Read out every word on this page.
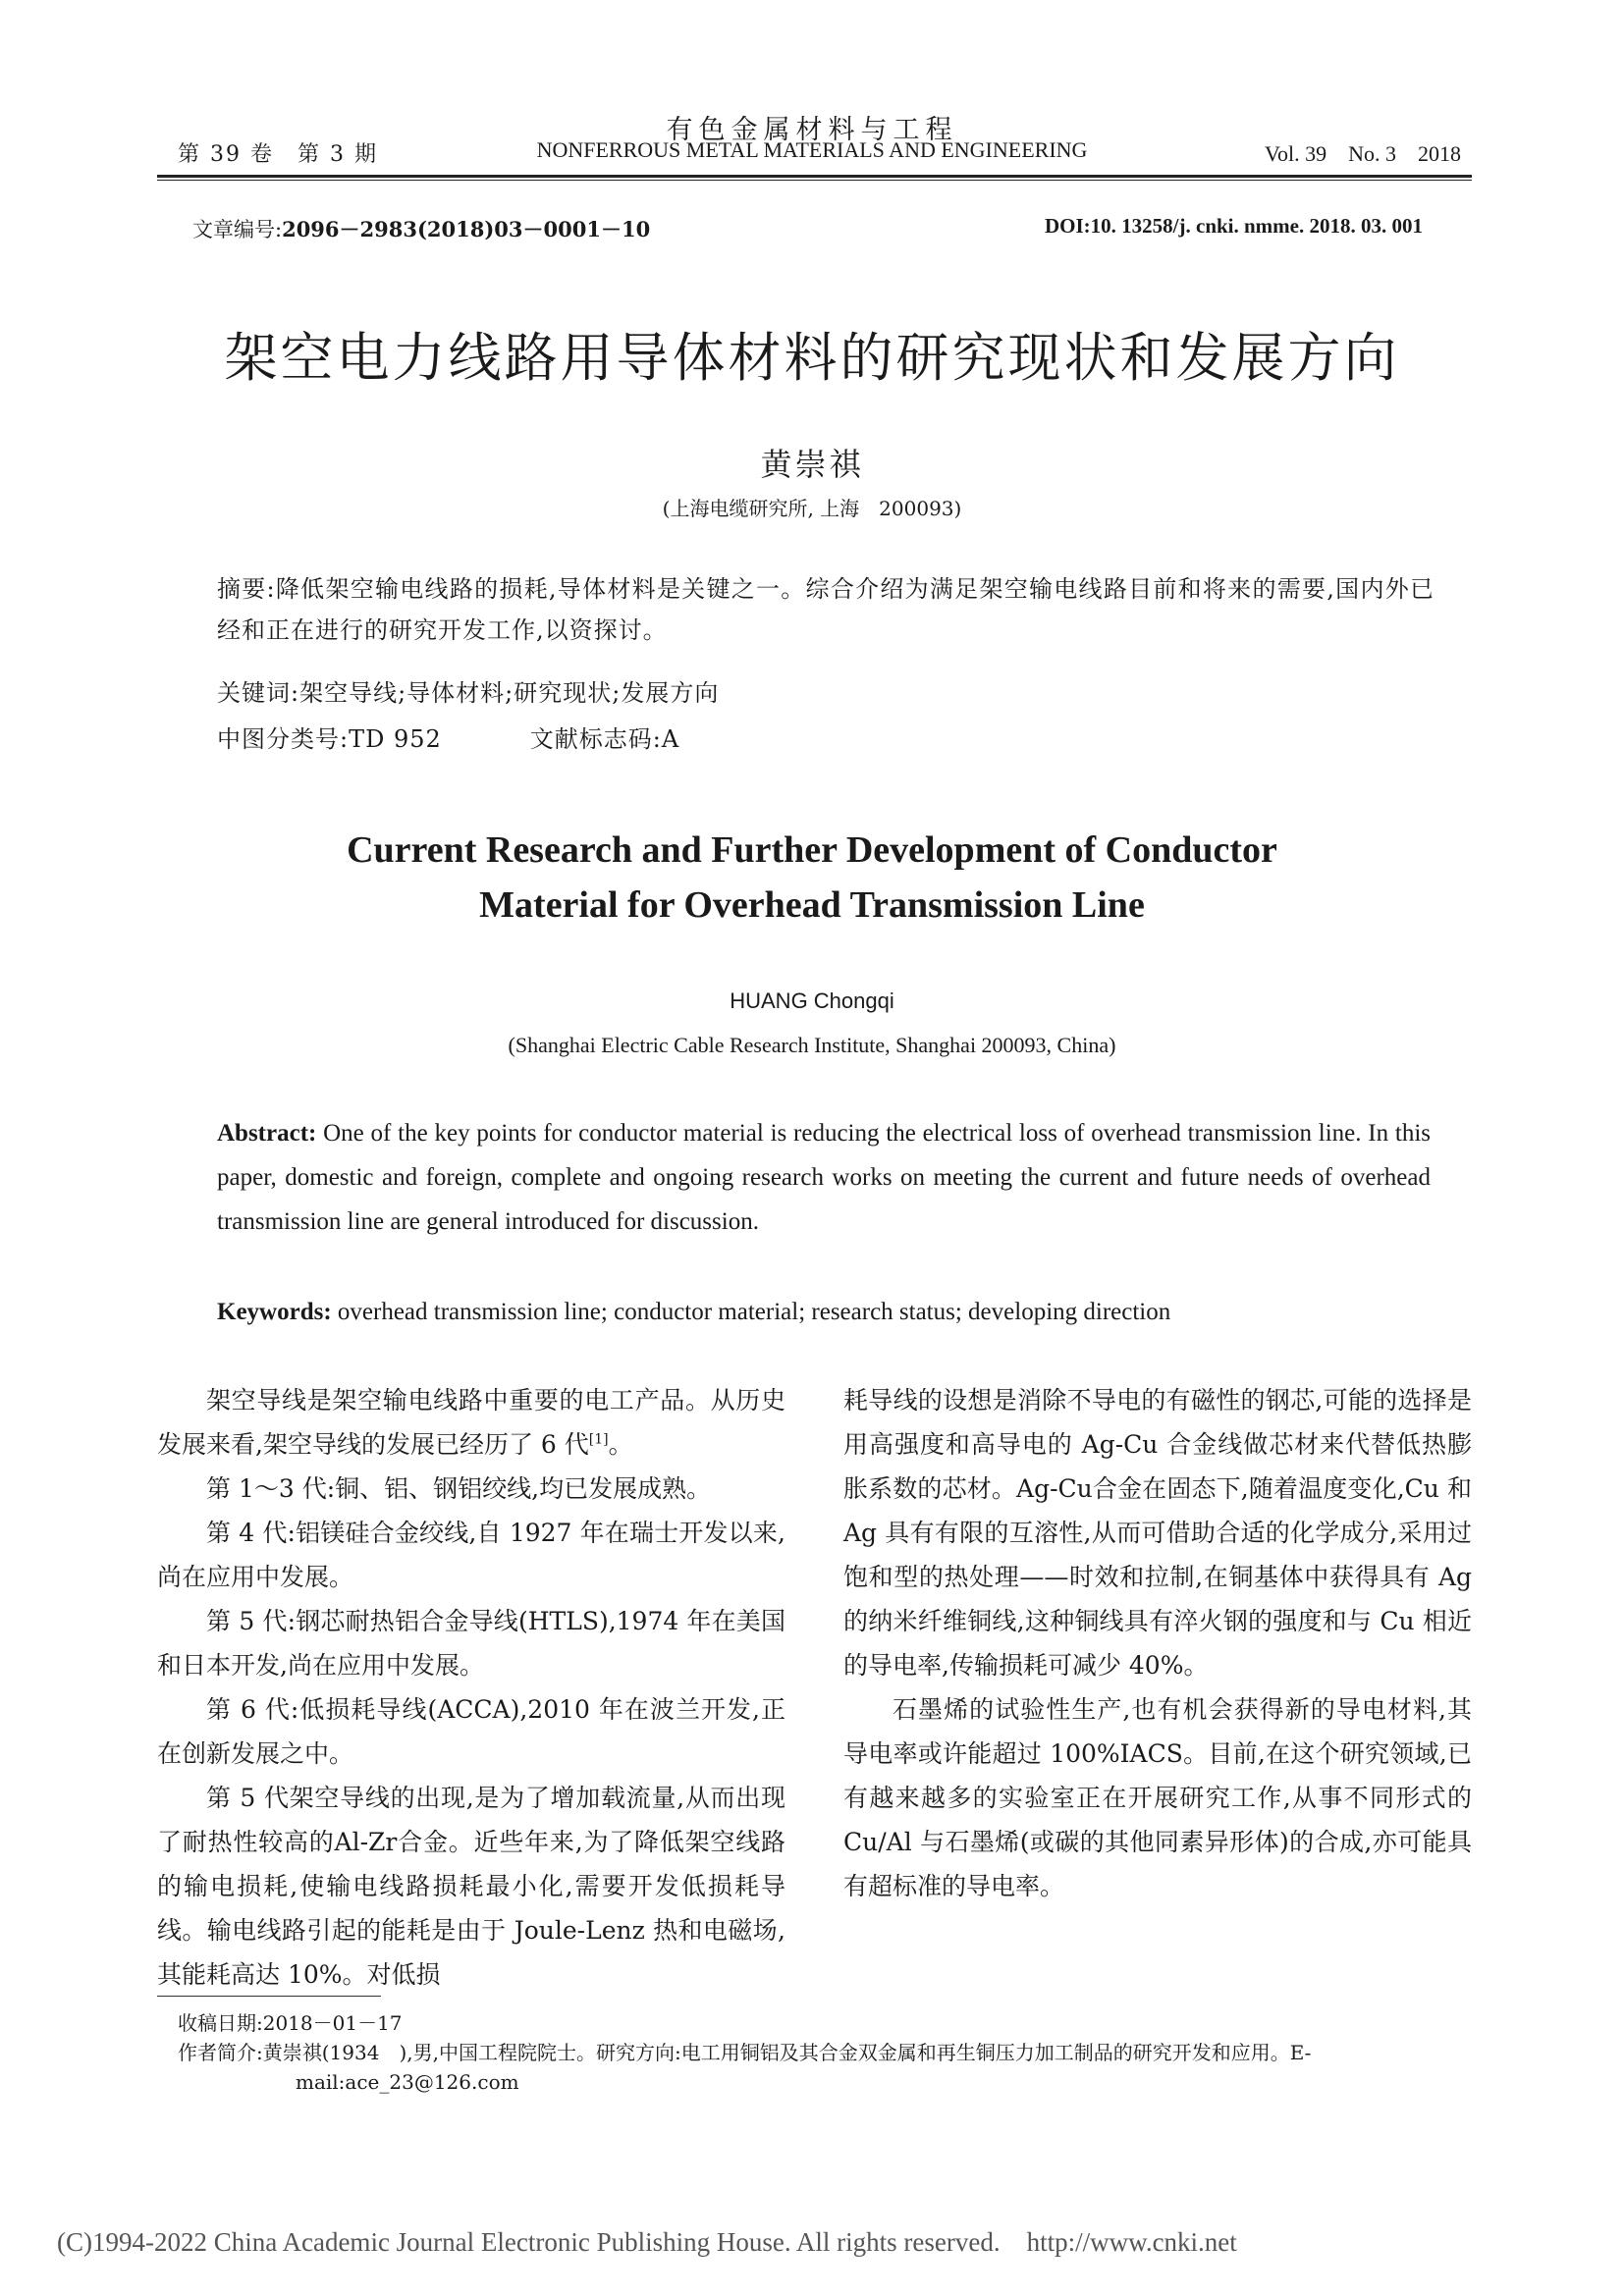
有色金属材料与工程
第 39 卷　第 3 期	NONFERROUS METAL MATERIALS AND ENGINEERING	Vol. 39　No. 3　2018
文章编号:2096－2983(2018)03－0001－10	DOI:10. 13258/j. cnki. nmme. 2018. 03. 001
架空电力线路用导体材料的研究现状和发展方向
黄崇祺
(上海电缆研究所, 上海　200093)
摘要:降低架空输电线路的损耗,导体材料是关键之一。综合介绍为满足架空输电线路目前和将来的需要,国内外已经和正在进行的研究开发工作,以资探讨。
关键词:架空导线;导体材料;研究现状;发展方向
中图分类号:TD 952	文献标志码:A
Current Research and Further Development of Conductor
Material for Overhead Transmission Line
HUANG Chongqi
(Shanghai Electric Cable Research Institute, Shanghai 200093, China)
Abstract: One of the key points for conductor material is reducing the electrical loss of overhead transmission line. In this paper, domestic and foreign, complete and ongoing research works on meeting the current and future needs of overhead transmission line are general introduced for discussion.
Keywords: overhead transmission line; conductor material; research status; developing direction

架空导线是架空输电线路中重要的电工产品。从历史发展来看,架空导线的发展已经历了 6 代[1]。

第 1～3 代:铜、铝、钢铝绞线,均已发展成熟。

第 4 代:铝镁硅合金绞线,自 1927 年在瑞士开发以来,尚在应用中发展。

第 5 代:钢芯耐热铝合金导线(HTLS),1974 年在美国和日本开发,尚在应用中发展。

第 6 代:低损耗导线(ACCA),2010 年在波兰开发,正在创新发展之中。

第 5 代架空导线的出现,是为了增加载流量,从而出现了耐热性较高的Al-Zr合金。近些年来,为了降低架空线路的输电损耗,使输电线路损耗最小化,需要开发低损耗导线。输电线路引起的能耗是由于 Joule-Lenz 热和电磁场,其能耗高达 10%。对低损

耗导线的设想是消除不导电的有磁性的钢芯,可能的选择是用高强度和高导电的 Ag-Cu 合金线做芯材来代替低热膨胀系数的芯材。Ag-Cu合金在固态下,随着温度变化,Cu 和 Ag 具有有限的互溶性,从而可借助合适的化学成分,采用过饱和型的热处理——时效和拉制,在铜基体中获得具有 Ag 的纳米纤维铜线,这种铜线具有淬火钢的强度和与 Cu 相近的导电率,传输损耗可减少 40%。

石墨烯的试验性生产,也有机会获得新的导电材料,其导电率或许能超过 100%IACS。目前,在这个研究领域,已有越来越多的实验室正在开展研究工作,从事不同形式的 Cu/Al 与石墨烯(或碳的其他同素异形体)的合成,亦可能具有超标准的导电率。

收稿日期:2018－01－17
作者简介:黄崇祺(1934　),男,中国工程院院士。研究方向:电工用铜铝及其合金双金属和再生铜压力加工制品的研究开发和应用。E-mail:ace_23@126.com
(C)1994-2022 China Academic Journal Electronic Publishing House. All rights reserved.　http://www.cnki.net
